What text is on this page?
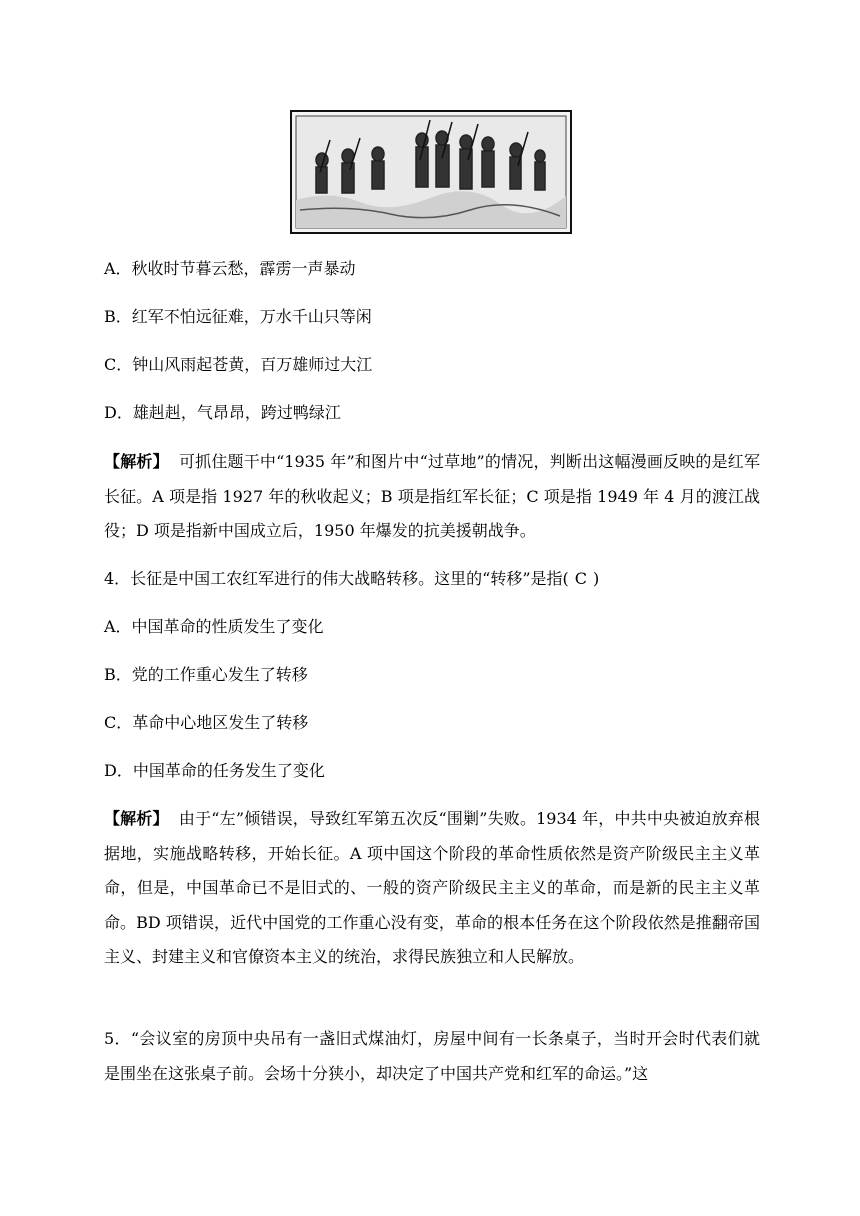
A．秋收时节暮云愁，霹雳一声暴动
B．红军不怕远征难，万水千山只等闲
C．钟山风雨起苍黄，百万雄师过大江
D．雄赳赳，气昂昂，跨过鸭绿江
【解析】 可抓住题干中“1935 年”和图片中“过草地”的情况，判断出这幅漫画反映的是红军长征。A 项是指 1927 年的秋收起义；B 项是指红军长征；C 项是指 1949 年 4 月的渡江战役；D 项是指新中国成立后，1950 年爆发的抗美援朝战争。
4．长征是中国工农红军进行的伟大战略转移。这里的“转移”是指( C )
A．中国革命的性质发生了变化
B．党的工作重心发生了转移
C．革命中心地区发生了转移
D．中国革命的任务发生了变化
【解析】 由于“左”倾错误，导致红军第五次反“围剿”失败。1934 年，中共中央被迫放弃根据地，实施战略转移，开始长征。A 项中国这个阶段的革命性质依然是资产阶级民主主义革命，但是，中国革命已不是旧式的、一般的资产阶级民主主义的革命，而是新的民主主义革命。BD 项错误，近代中国党的工作重心没有变，革命的根本任务在这个阶段依然是推翻帝国主义、封建主义和官僚资本主义的统治，求得民族独立和人民解放。
5．“会议室的房顶中央吊有一盏旧式煤油灯，房屋中间有一长条桌子，当时开会时代表们就是围坐在这张桌子前。会场十分狭小，却决定了中国共产党和红军的命运。”这
